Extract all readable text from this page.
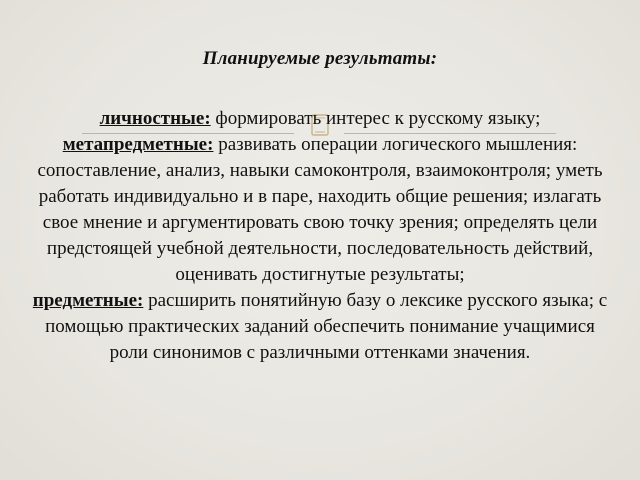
Планируемые результаты:

личностные: формировать интерес к русскому языку;
метапредметные: развивать операции логического мышления: сопоставление, анализ, навыки самоконтроля, взаимоконтроля; уметь работать индивидуально и в паре, находить общие решения; излагать свое мнение и аргументировать свою точку зрения; определять цели предстоящей учебной деятельности, последовательность действий, оценивать достигнутые результаты;
предметные: расширить понятийную базу о лексике русского языка; с помощью практических заданий обеспечить понимание учащимися роли синонимов с различными оттенками значения.
